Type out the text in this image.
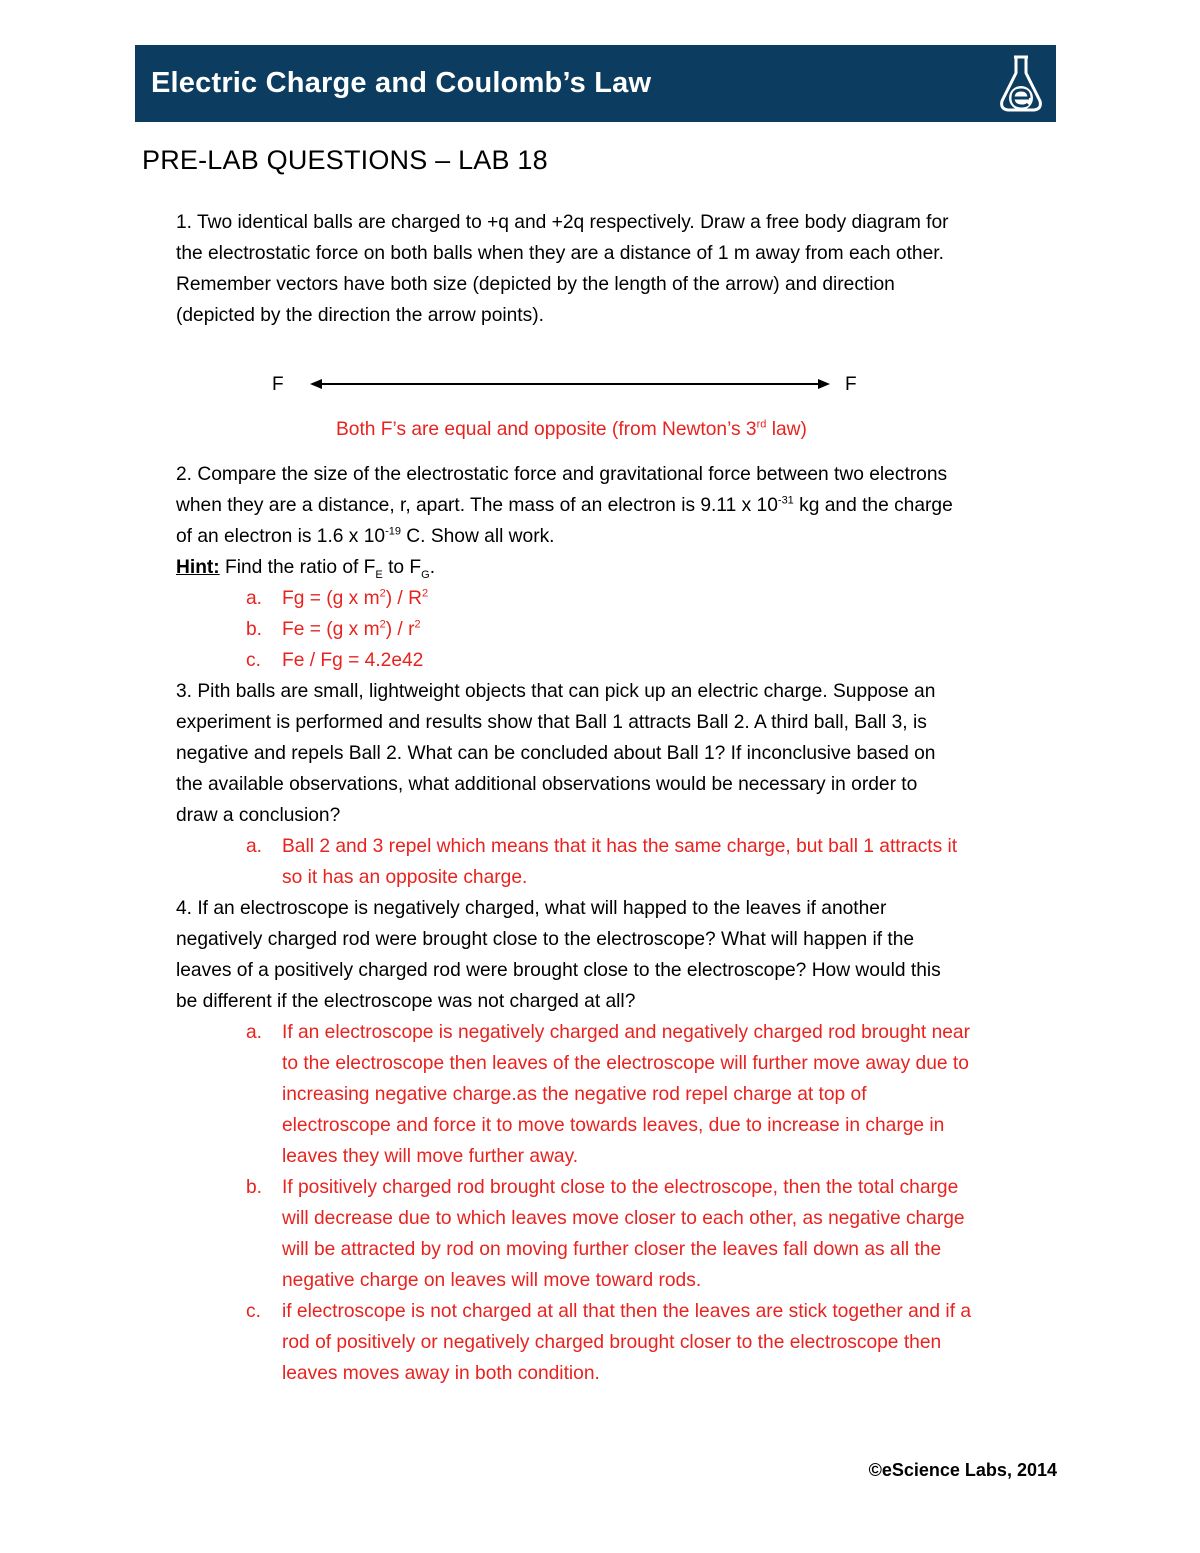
Electric Charge and Coulomb’s Law
PRE-LAB QUESTIONS – LAB 18
1. Two identical balls are charged to +q and +2q respectively. Draw a free body diagram for
the electrostatic force on both balls when they are a distance of 1 m away from each other.
Remember vectors have both size (depicted by the length of the arrow) and direction
(depicted by the direction the arrow points).
F	F
Both F’s are equal and opposite (from Newton’s 3rd law)
2. Compare the size of the electrostatic force and gravitational force between two electrons
when they are a distance, r, apart. The mass of an electron is 9.11 x $10^{-31}$ kg and the charge
of an electron is 1.6 x $10^{-19}$ C. Show all work.
Hint: Find the ratio of $F_E$ to $F_G$.
a. Fg = (g x $m^2) / R^2$
b. Fe = (g x $m^2) / r^2$
c. Fe / Fg = 4.2e42
3. Pith balls are small, lightweight objects that can pick up an electric charge. Suppose an
experiment is performed and results show that Ball 1 attracts Ball 2. A third ball, Ball 3, is
negative and repels Ball 2. What can be concluded about Ball 1? If inconclusive based on
the available observations, what additional observations would be necessary in order to
draw a conclusion?
a. Ball 2 and 3 repel which means that it has the same charge, but ball 1 attracts it
so it has an opposite charge.
4. If an electroscope is negatively charged, what will happed to the leaves if another
negatively charged rod were brought close to the electroscope? What will happen if the
leaves of a positively charged rod were brought close to the electroscope? How would this
be different if the electroscope was not charged at all?
a. If an electroscope is negatively charged and negatively charged rod brought near
to the electroscope then leaves of the electroscope will further move away due to
increasing negative charge.as the negative rod repel charge at top of
electroscope and force it to move towards leaves, due to increase in charge in
leaves they will move further away.
b. If positively charged rod brought close to the electroscope, then the total charge
will decrease due to which leaves move closer to each other, as negative charge
will be attracted by rod on moving further closer the leaves fall down as all the
negative charge on leaves will move toward rods.
c. if electroscope is not charged at all that then the leaves are stick together and if a
rod of positively or negatively charged brought closer to the electroscope then
leaves moves away in both condition.
©eScience Labs, 2014
